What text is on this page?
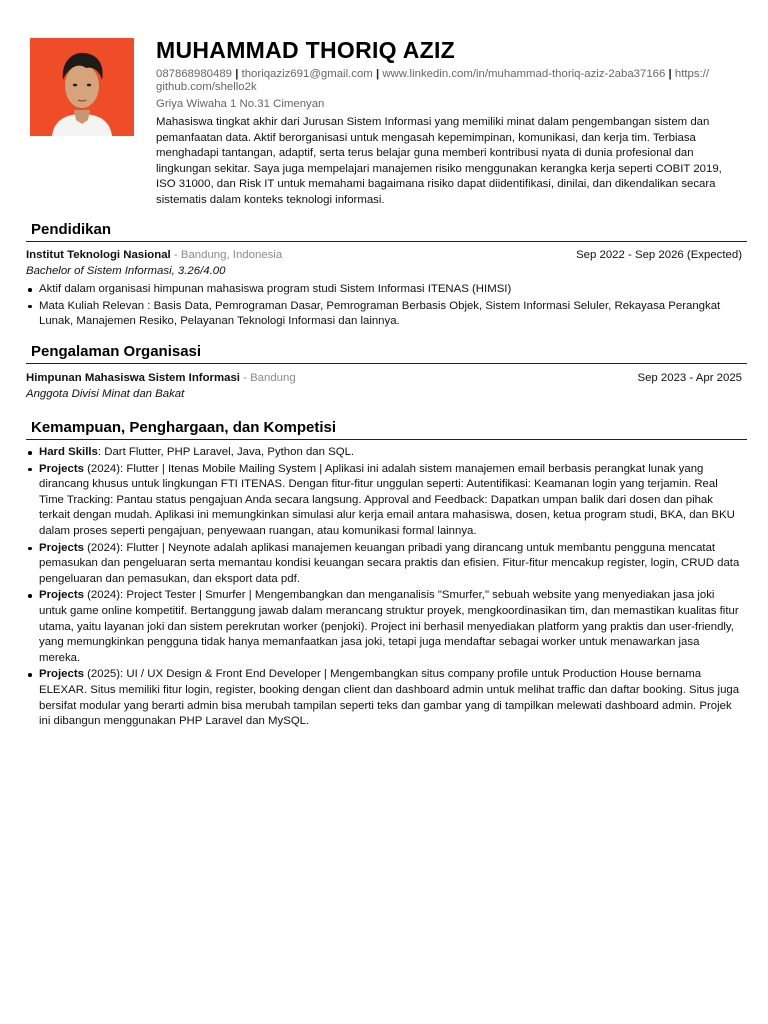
MUHAMMAD THORIQ AZIZ
087868980489 | thoriqaziz691@gmail.com | www.linkedin.com/in/muhammad-thoriq-aziz-2aba37166 | https://
github.com/shello2k
Griya Wiwaha 1 No.31 Cimenyan
Mahasiswa tingkat akhir dari Jurusan Sistem Informasi yang memiliki minat dalam pengembangan sistem dan pemanfaatan data. Aktif berorganisasi untuk mengasah kepemimpinan, komunikasi, dan kerja tim. Terbiasa menghadapi tantangan, adaptif, serta terus belajar guna memberi kontribusi nyata di dunia profesional dan lingkungan sekitar. Saya juga mempelajari manajemen risiko menggunakan kerangka kerja seperti COBIT 2019, ISO 31000, dan Risk IT untuk memahami bagaimana risiko dapat diidentifikasi, dinilai, dan dikendalikan secara sistematis dalam konteks teknologi informasi.
Pendidikan
Institut Teknologi Nasional - Bandung, Indonesia	Sep 2022 - Sep 2026 (Expected)
Bachelor of Sistem Informasi, 3.26/4.00
Aktif dalam organisasi himpunan mahasiswa program studi Sistem Informasi ITENAS (HIMSI)
Mata Kuliah Relevan : Basis Data, Pemrograman Dasar, Pemrograman Berbasis Objek, Sistem Informasi Seluler, Rekayasa Perangkat Lunak, Manajemen Resiko, Pelayanan Teknologi Informasi dan lainnya.
Pengalaman Organisasi
Himpunan Mahasiswa Sistem Informasi - Bandung	Sep 2023 - Apr 2025
Anggota Divisi Minat dan Bakat
Kemampuan, Penghargaan, dan Kompetisi
Hard Skills: Dart Flutter, PHP Laravel, Java, Python dan SQL.
Projects (2024): Flutter | Itenas Mobile Mailing System | Aplikasi ini adalah sistem manajemen email berbasis perangkat lunak yang dirancang khusus untuk lingkungan FTI ITENAS. Dengan fitur-fitur unggulan seperti: Autentifikasi: Keamanan login yang terjamin. Real Time Tracking: Pantau status pengajuan Anda secara langsung. Approval and Feedback: Dapatkan umpan balik dari dosen dan pihak terkait dengan mudah. Aplikasi ini memungkinkan simulasi alur kerja email antara mahasiswa, dosen, ketua program studi, BKA, dan BKU dalam proses seperti pengajuan, penyewaan ruangan, atau komunikasi formal lainnya.
Projects (2024): Flutter | Neynote adalah aplikasi manajemen keuangan pribadi yang dirancang untuk membantu pengguna mencatat pemasukan dan pengeluaran serta memantau kondisi keuangan secara praktis dan efisien. Fitur-fitur mencakup register, login, CRUD data pengeluaran dan pemasukan, dan eksport data pdf.
Projects (2024): Project Tester | Smurfer | Mengembangkan dan menganalisis "Smurfer," sebuah website yang menyediakan jasa joki untuk game online kompetitif. Bertanggung jawab dalam merancang struktur proyek, mengkoordinasikan tim, dan memastikan kualitas fitur utama, yaitu layanan joki dan sistem perekrutan worker (penjoki). Project ini berhasil menyediakan platform yang praktis dan user-friendly, yang memungkinkan pengguna tidak hanya memanfaatkan jasa joki, tetapi juga mendaftar sebagai worker untuk menawarkan jasa mereka.
Projects (2025): UI / UX Design & Front End Developer | Mengembangkan situs company profile untuk Production House bernama ELEXAR. Situs memiliki fitur login, register, booking dengan client dan dashboard admin untuk melihat traffic dan daftar booking. Situs juga bersifat modular yang berarti admin bisa merubah tampilan seperti teks dan gambar yang di tampilkan melewati dashboard admin. Projek ini dibangun menggunakan PHP Laravel dan MySQL.
